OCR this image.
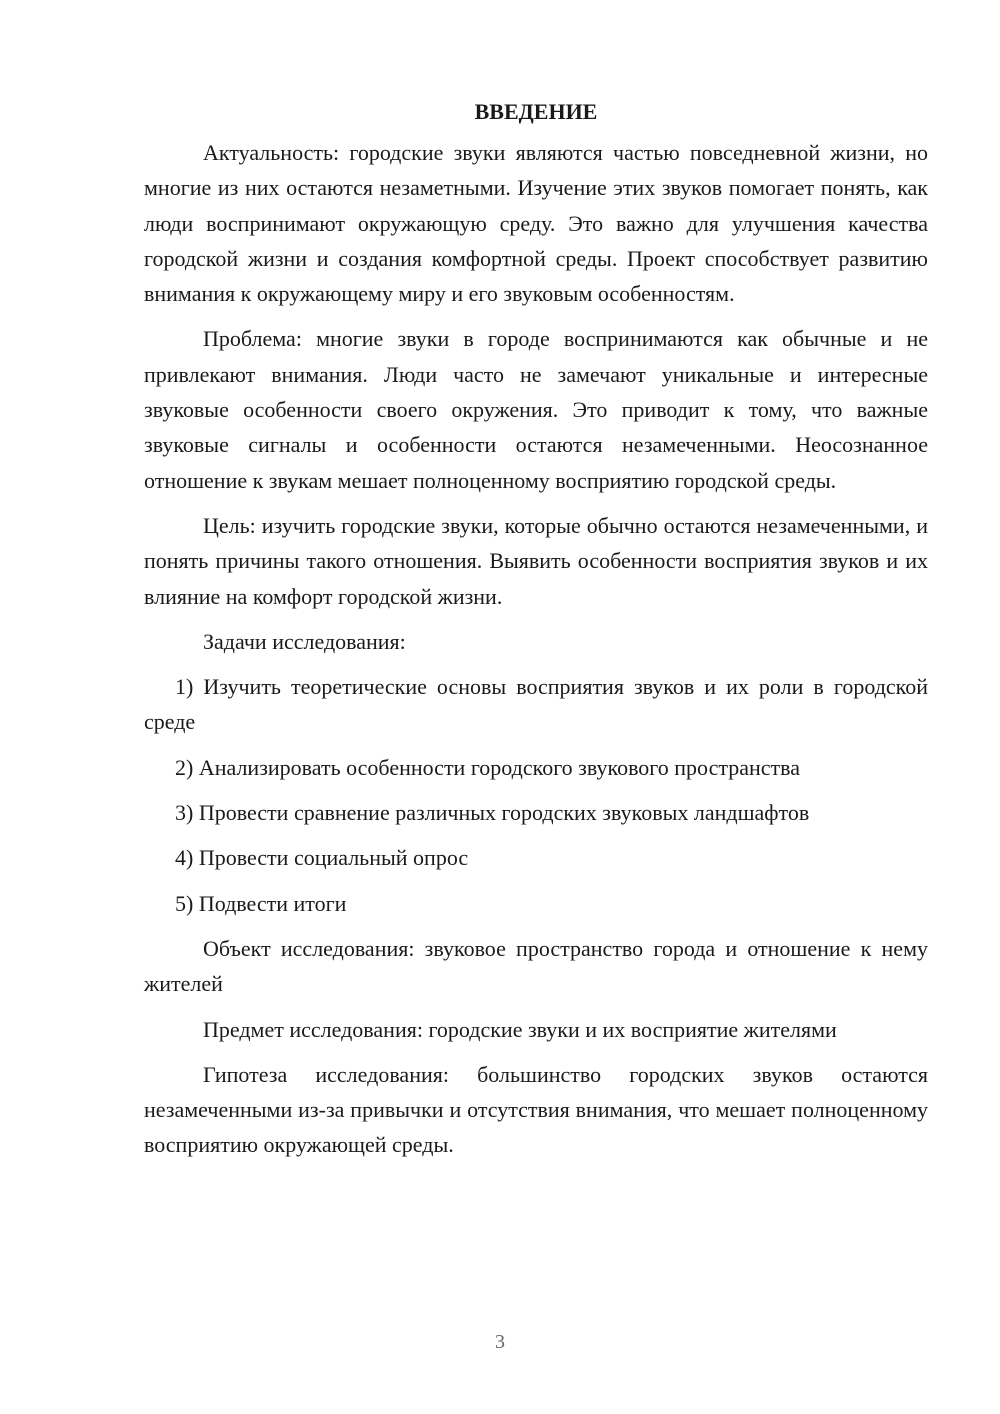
ВВЕДЕНИЕ

Актуальность: городские звуки являются частью повседневной жизни, но многие из них остаются незаметными. Изучение этих звуков помогает понять, как люди воспринимают окружающую среду. Это важно для улучшения качества городской жизни и создания комфортной среды. Проект способствует развитию внимания к окружающему миру и его звуковым особенностям.

Проблема: многие звуки в городе воспринимаются как обычные и не привлекают внимания. Люди часто не замечают уникальные и интересные звуковые особенности своего окружения. Это приводит к тому, что важные звуковые сигналы и особенности остаются незамеченными. Неосознанное отношение к звукам мешает полноценному восприятию городской среды.

Цель: изучить городские звуки, которые обычно остаются незамеченными, и понять причины такого отношения. Выявить особенности восприятия звуков и их влияние на комфорт городской жизни.

Задачи исследования:

1) Изучить теоретические основы восприятия звуков и их роли в городской среде

2) Анализировать особенности городского звукового пространства

3) Провести сравнение различных городских звуковых ландшафтов

4) Провести социальный опрос

5) Подвести итоги

Объект исследования: звуковое пространство города и отношение к нему жителей

Предмет исследования: городские звуки и их восприятие жителями

Гипотеза исследования: большинство городских звуков остаются незамеченными из-за привычки и отсутствия внимания, что мешает полноценному восприятию окружающей среды.

3
